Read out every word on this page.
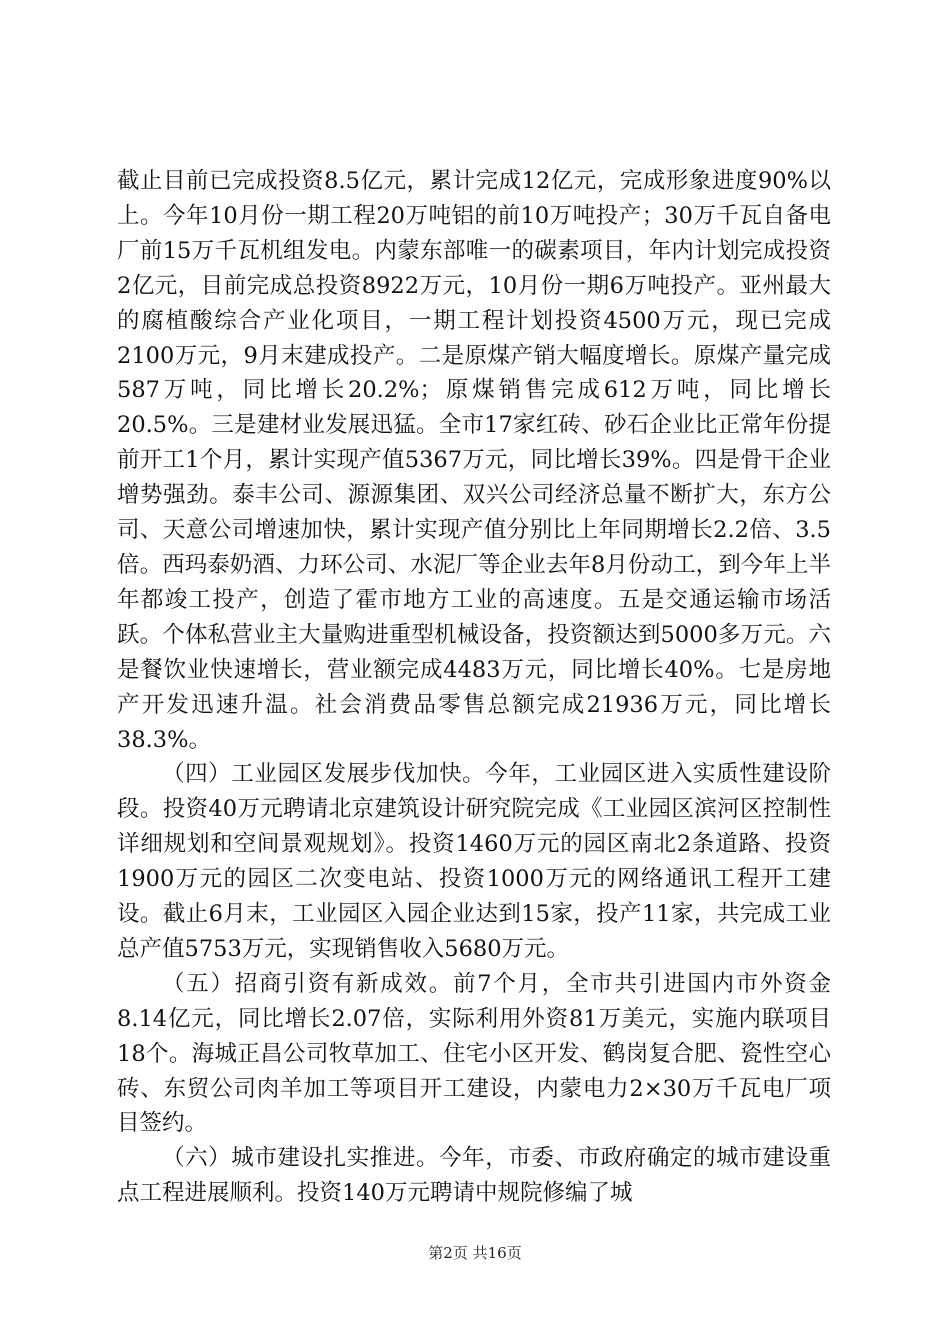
截止目前已完成投资8.5亿元，累计完成12亿元，完成形象进度90%以上。今年10月份一期工程20万吨铝的前10万吨投产；30万千瓦自备电厂前15万千瓦机组发电。内蒙东部唯一的碳素项目，年内计划完成投资2亿元，目前完成总投资8922万元，10月份一期6万吨投产。亚州最大的腐植酸综合产业化项目，一期工程计划投资4500万元，现已完成2100万元，9月末建成投产。二是原煤产销大幅度增长。原煤产量完成587万吨，同比增长20.2%；原煤销售完成612万吨，同比增长20.5%。三是建材业发展迅猛。全市17家红砖、砂石企业比正常年份提前开工1个月，累计实现产值5367万元，同比增长39%。四是骨干企业增势强劲。泰丰公司、源源集团、双兴公司经济总量不断扩大，东方公司、天意公司增速加快，累计实现产值分别比上年同期增长2.2倍、3.5倍。西玛泰奶酒、力环公司、水泥厂等企业去年8月份动工，到今年上半年都竣工投产，创造了霍市地方工业的高速度。五是交通运输市场活跃。个体私营业主大量购进重型机械设备，投资额达到5000多万元。六是餐饮业快速增长，营业额完成4483万元，同比增长40%。七是房地产开发迅速升温。社会消费品零售总额完成21936万元，同比增长38.3%。

（四）工业园区发展步伐加快。今年，工业园区进入实质性建设阶段。投资40万元聘请北京建筑设计研究院完成《工业园区滨河区控制性详细规划和空间景观规划》。投资1460万元的园区南北2条道路、投资1900万元的园区二次变电站、投资1000万元的网络通讯工程开工建设。截止6月末，工业园区入园企业达到15家，投产11家，共完成工业总产值5753万元，实现销售收入5680万元。

（五）招商引资有新成效。前7个月，全市共引进国内市外资金8.14亿元，同比增长2.07倍，实际利用外资81万美元，实施内联项目18个。海城正昌公司牧草加工、住宅小区开发、鹤岗复合肥、瓷性空心砖、东贸公司肉羊加工等项目开工建设，内蒙电力2×30万千瓦电厂项目签约。

（六）城市建设扎实推进。今年，市委、市政府确定的城市建设重点工程进展顺利。投资140万元聘请中规院修编了城

第2页 共16页
